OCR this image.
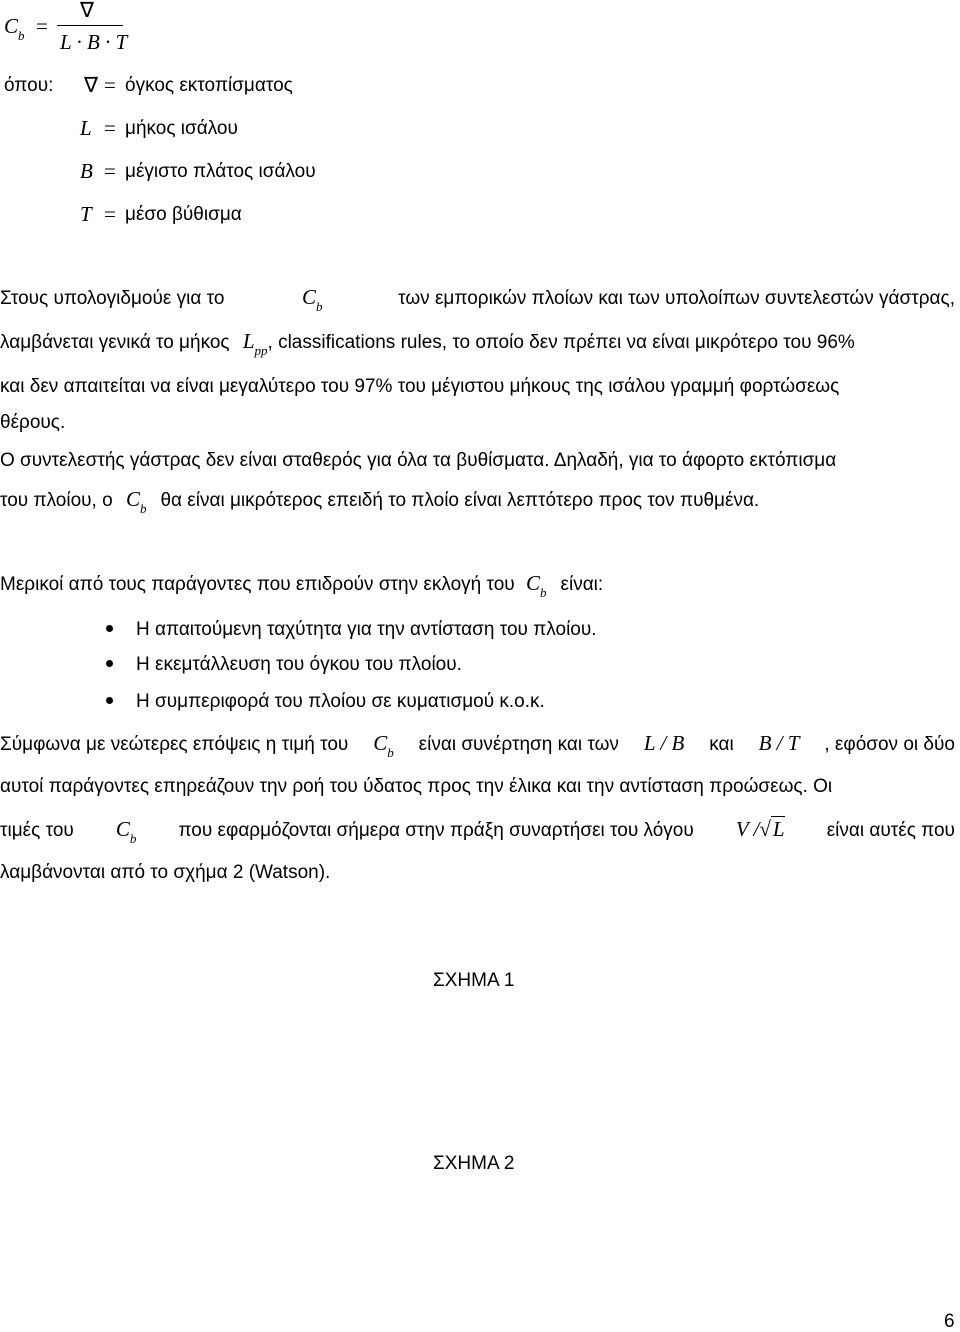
$C_b$ =
∇
L · B · T
όπου: ∇ = όγκος εκτοπίσματος
L = μήκος ισάλου
B = μέγιστο πλάτος ισάλου
T = μέσο βύθισμα
Στους υπολογιδμούε για το	$C_b$	των εμπορικών πλοίων και των υπολοίπων συντελεστών γάστρας,
λαμβάνεται γενικά το μήκος $L_{pp}$, classifications rules, το οποίο δεν πρέπει να είναι μικρότερο του 96%
και δεν απαιτείται να είναι μεγαλύτερο του 97% του μέγιστου μήκους της ισάλου γραμμή φορτώσεως
θέρους.
Ο συντελεστής γάστρας δεν είναι σταθερός για όλα τα βυθίσματα. Δηλαδή, για το άφορτο εκτόπισμα
του πλοίου, ο $C_b$ θα είναι μικρότερος επειδή το πλοίο είναι λεπτότερο προς τον πυθμένα.
Μερικοί από τους παράγοντες που επιδρούν στην εκλογή του $C_b$ είναι:
Η απαιτούμενη ταχύτητα για την αντίσταση του πλοίου.
Η εκεμτάλλευση του όγκου του πλοίου.
Η συμπεριφορά του πλοίου σε κυματισμού κ.ο.κ.
Σύμφωνα με νεώτερες επόψεις η τιμή του $C_b$ είναι συνέρτηση και των L / B και B / T , εφόσον οι δύο
αυτοί παράγοντες επηρεάζουν την ροή του ύδατος προς την έλικα και την αντίσταση προώσεως. Οι
τιμές του $C_b$ που εφαρμόζονται σήμερα στην πράξη συναρτήσει του λόγου V /√L είναι αυτές που
λαμβάνονται από το σχήμα 2 (Watson).
ΣΧΗΜΑ 1
ΣΧΗΜΑ 2
6
